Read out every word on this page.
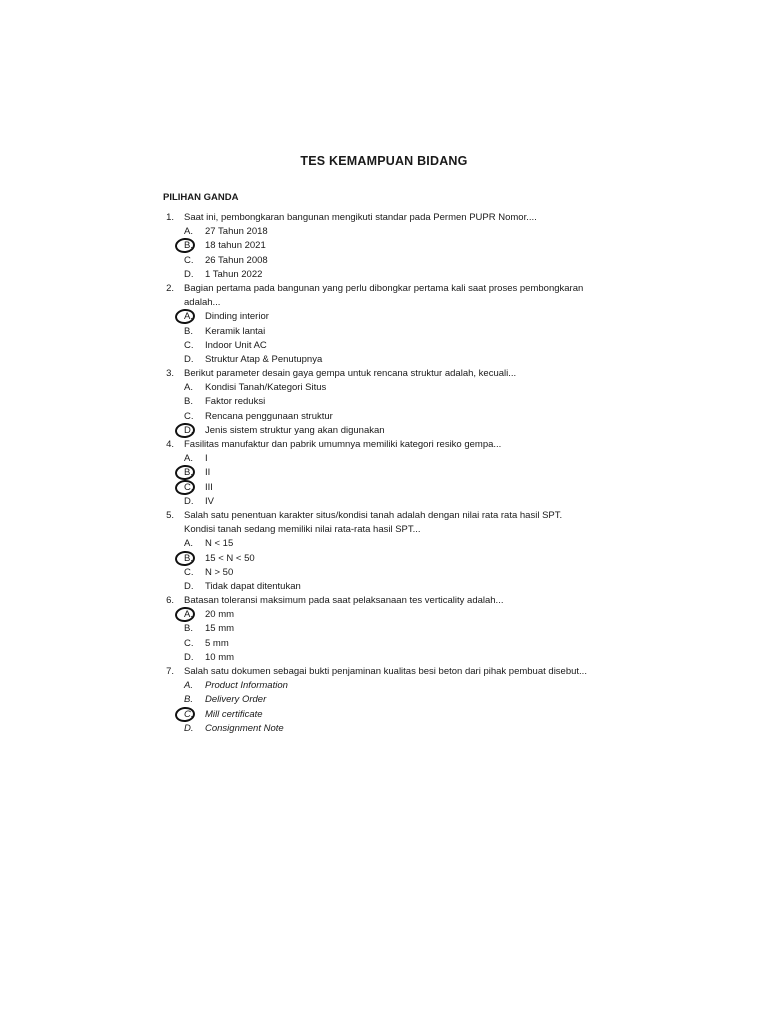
TES KEMAMPUAN BIDANG
PILIHAN GANDA
1. Saat ini, pembongkaran bangunan mengikuti standar pada Permen PUPR Nomor....
A. 27 Tahun 2018
B. 18 tahun 2021
C. 26 Tahun 2008
D. 1 Tahun 2022
2. Bagian pertama pada bangunan yang perlu dibongkar pertama kali saat proses pembongkaran
adalah...
A. Dinding interior
B. Keramik lantai
C. Indoor Unit AC
D. Struktur Atap & Penutupnya
3. Berikut parameter desain gaya gempa untuk rencana struktur adalah, kecuali...
A. Kondisi Tanah/Kategori Situs
B. Faktor reduksi
C. Rencana penggunaan struktur
D. Jenis sistem struktur yang akan digunakan
4. Fasilitas manufaktur dan pabrik umumnya memiliki kategori resiko gempa...
A. I
B. II
C. III
D. IV
5. Salah satu penentuan karakter situs/kondisi tanah adalah dengan nilai rata rata hasil SPT.
Kondisi tanah sedang memiliki nilai rata-rata hasil SPT...
A. N < 15
B. 15 < N < 50
C. N > 50
D. Tidak dapat ditentukan
6. Batasan toleransi maksimum pada saat pelaksanaan tes verticality adalah...
A. 20 mm
B. 15 mm
C. 5 mm
D. 10 mm
7. Salah satu dokumen sebagai bukti penjaminan kualitas besi beton dari pihak pembuat disebut...
A. Product Information
B. Delivery Order
C. Mill certificate
D. Consignment Note
